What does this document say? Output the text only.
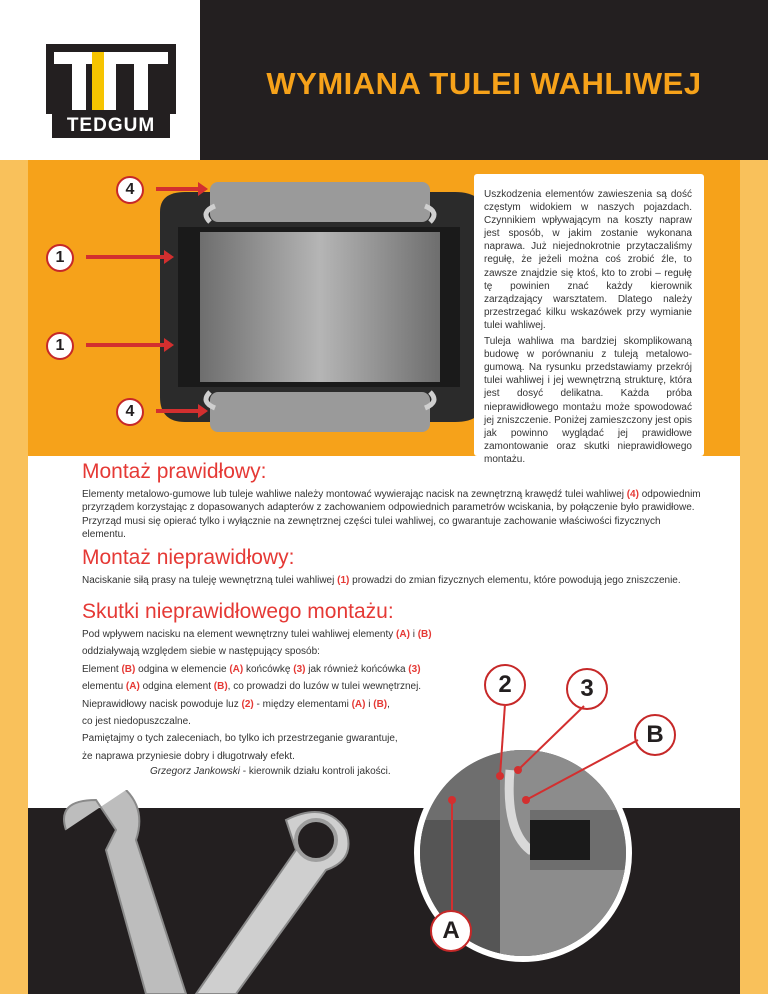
TEDGUM
WYMIANA TULEI WAHLIWEJ
4
1
1
4

Uszkodzenia elementów zawieszenia są dość częstym widokiem w naszych pojazdach. Czynnikiem wpływającym na koszty napraw jest sposób, w jakim zostanie wykonana naprawa. Już niejednokrotnie przytaczaliśmy regułę, że jeżeli można coś zrobić źle, to zawsze znajdzie się ktoś, kto to zrobi – regułę tę powinien znać każdy kierownik zarządzający warsztatem. Dlatego należy przestrzegać kilku wskazówek przy wymianie tulei wahliwej.

Tuleja wahliwa ma bardziej skomplikowaną budowę w porównaniu z tuleją metalowo-gumową. Na rysunku przedstawiamy przekrój tulei wahliwej i jej wewnętrzną strukturę, która jest dosyć delikatna. Każda próba nieprawidłowego montażu może spowodować jej zniszczenie. Poniżej zamieszczony jest opis jak powinno wyglądać jej prawidłowe zamontowanie oraz skutki nieprawidłowego montażu.

Montaż prawidłowy:

Elementy metalowo-gumowe lub tuleje wahliwe należy montować wywierając nacisk na zewnętrzną krawędź tulei wahliwej (4) odpowiednim przyrządem korzystając z dopasowanych adapterów z zachowaniem odpowiednich parametrów wciskania, by połączenie było prawidłowe. Przyrząd musi się opierać tylko i wyłącznie na zewnętrznej części tulei wahliwej, co gwarantuje zachowanie właściwości fizycznych elementu.

Montaż nieprawidłowy:

Naciskanie siłą prasy na tuleję wewnętrzną tulei wahliwej (1) prowadzi do zmian fizycznych elementu, które powodują jego zniszczenie.

Skutki nieprawidłowego montażu:
Pod wpływem nacisku na element wewnętrzny tulei wahliwej elementy (A) i (B)
oddziaływają względem siebie w następujący sposób:
Element (B) odgina w elemencie (A) końcówkę (3) jak również końcówka (3)
elementu (A) odgina element (B), co prowadzi do luzów w tulei wewnętrznej.
Nieprawidłowy nacisk powoduje luz (2) - między elementami (A) i (B),
co jest niedopuszczalne.
Pamiętajmy o tych zaleceniach, bo tylko ich przestrzeganie gwarantuje,
że naprawa przyniesie dobry i długotrwały efekt.
Grzegorz Jankowski - kierownik działu kontroli jakości.
2	3
B
A
